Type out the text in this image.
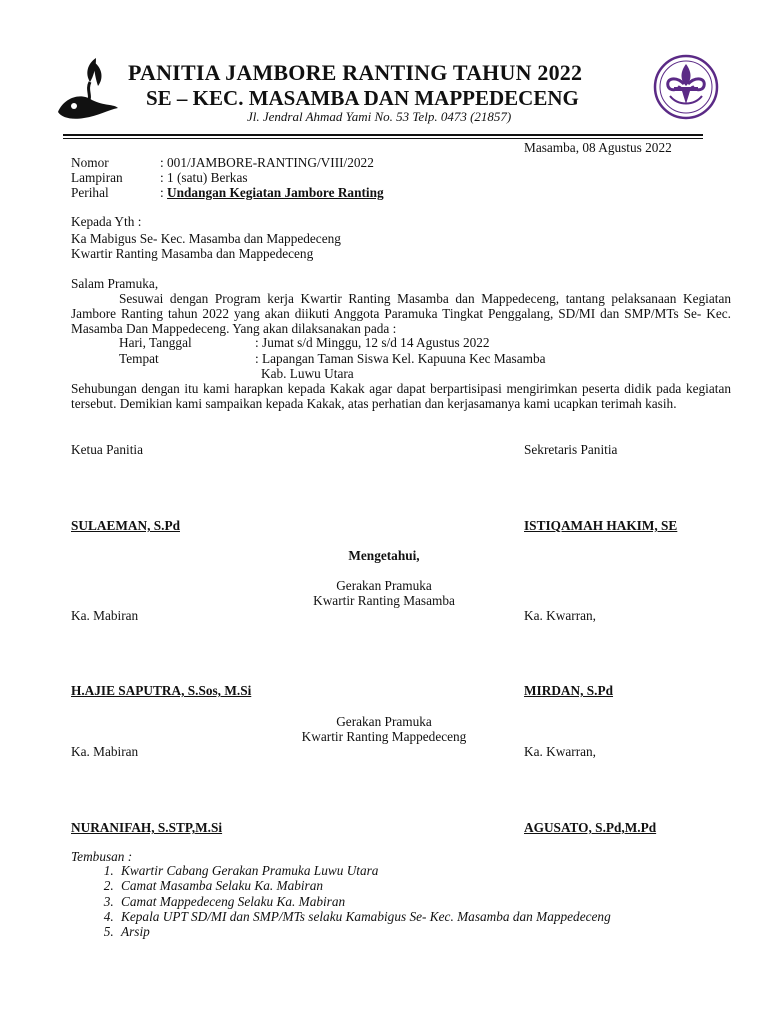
PANITIA JAMBORE RANTING TAHUN 2022
SE – KEC. MASAMBA DAN MAPPEDECENG
Jl. Jendral Ahmad Yami No. 53 Telp. 0473 (21857)
Masamba, 08 Agustus 2022
Nomor	: 001/JAMBORE-RANTING/VIII/2022
Lampiran	: 1 (satu) Berkas
Perihal	: Undangan Kegiatan Jambore Ranting
Kepada Yth :
Ka Mabigus Se- Kec. Masamba dan Mappedeceng
Kwartir Ranting Masamba dan Mappedeceng
Salam Pramuka,
Sesuwai dengan Program kerja Kwartir Ranting Masamba dan Mappedeceng, tantang pelaksanaan Kegiatan Jambore Ranting tahun 2022 yang akan diikuti Anggota Paramuka Tingkat Penggalang, SD/MI dan SMP/MTs Se- Kec. Masamba Dan Mappedeceng. Yang akan dilaksanakan pada :
Hari, Tanggal	: Jumat s/d Minggu, 12 s/d 14 Agustus 2022
Tempat	: Lapangan Taman Siswa Kel. Kapuuna Kec Masamba
Kab. Luwu Utara
Sehubungan dengan itu kami harapkan kepada Kakak agar dapat berpartisipasi mengirimkan peserta didik pada kegiatan tersebut. Demikian kami sampaikan kepada Kakak, atas perhatian dan kerjasamanya kami ucapkan terimah kasih.
Ketua Panitia	Sekretaris Panitia
SULAEMAN, S.Pd	ISTIQAMAH HAKIM, SE
Mengetahui,
Gerakan Pramuka
Kwartir Ranting Masamba
Ka. Mabiran	Ka. Kwarran,
H.AJIE SAPUTRA, S.Sos, M.Si	MIRDAN, S.Pd
Gerakan Pramuka
Kwartir Ranting Mappedeceng
Ka. Mabiran	Ka. Kwarran,
NURANIFAH, S.STP,M.Si	AGUSATO, S.Pd,M.Pd
Tembusan :
1. Kwartir Cabang Gerakan Pramuka Luwu Utara
2. Camat Masamba Selaku Ka. Mabiran
3. Camat Mappedeceng Selaku Ka. Mabiran
4. Kepala UPT SD/MI dan SMP/MTs selaku Kamabigus Se- Kec. Masamba dan Mappedeceng
5. Arsip
